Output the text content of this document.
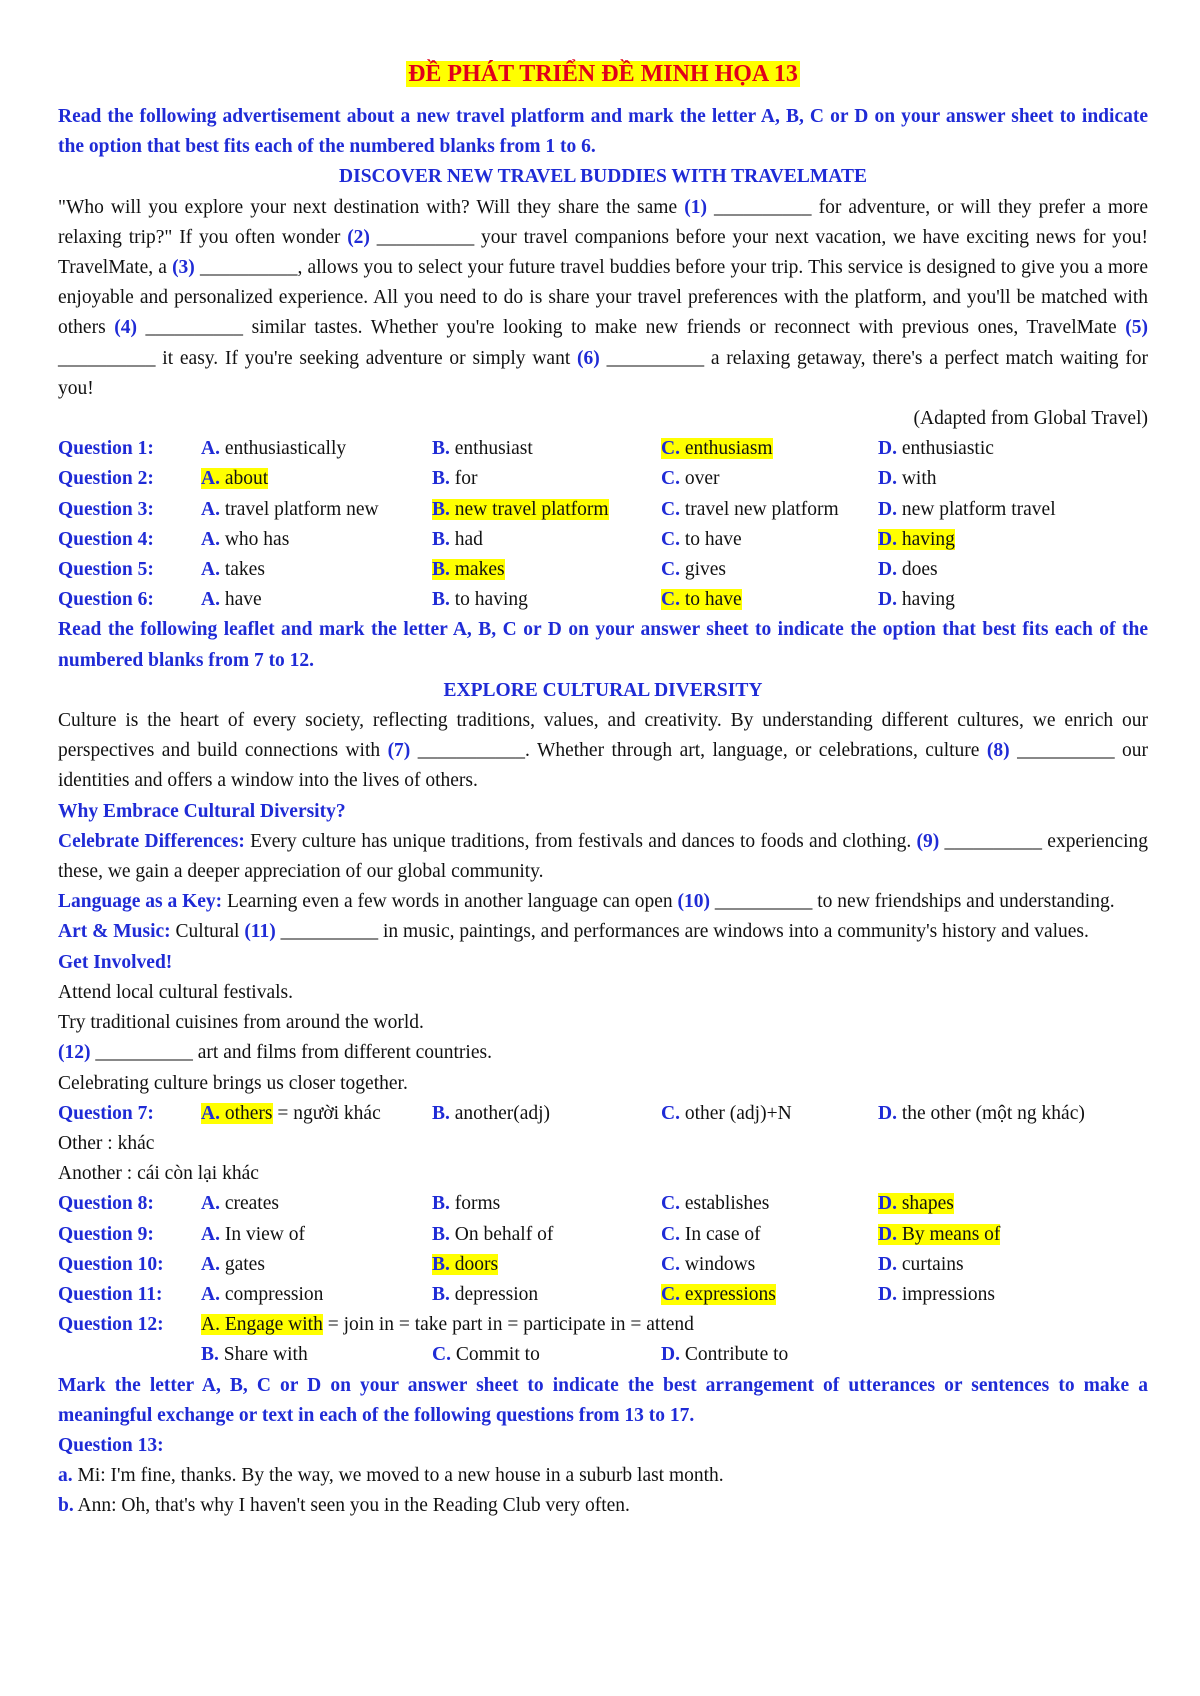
ĐỀ PHÁT TRIỂN ĐỀ MINH HỌA 13
Read the following advertisement about a new travel platform and mark the letter A, B, C or D on your answer sheet to indicate the option that best fits each of the numbered blanks from 1 to 6.
DISCOVER NEW TRAVEL BUDDIES WITH TRAVELMATE
"Who will you explore your next destination with? Will they share the same (1) __________ for adventure, or will they prefer a more relaxing trip?" If you often wonder (2) __________ your travel companions before your next vacation, we have exciting news for you! TravelMate, a (3) __________, allows you to select your future travel buddies before your trip. This service is designed to give you a more enjoyable and personalized experience. All you need to do is share your travel preferences with the platform, and you'll be matched with others (4) __________ similar tastes. Whether you're looking to make new friends or reconnect with previous ones, TravelMate (5) __________ it easy. If you're seeking adventure or simply want (6) __________ a relaxing getaway, there's a perfect match waiting for you!
(Adapted from Global Travel)
Question 1:	A. enthusiastically	B. enthusiast	C. enthusiasm	D. enthusiastic
Question 2:	A. about	B. for	C. over	D. with
Question 3:	A. travel platform new	B. new travel platform	C. travel new platform	D. new platform travel
Question 4:	A. who has	B. had	C. to have	D. having
Question 5:	A. takes	B. makes	C. gives	D. does
Question 6:	A. have	B. to having	C. to have	D. having
Read the following leaflet and mark the letter A, B, C or D on your answer sheet to indicate the option that best fits each of the numbered blanks from 7 to 12.
EXPLORE CULTURAL DIVERSITY
Culture is the heart of every society, reflecting traditions, values, and creativity. By understanding different cultures, we enrich our perspectives and build connections with (7) ___________. Whether through art, language, or celebrations, culture (8) __________ our identities and offers a window into the lives of others.
Why Embrace Cultural Diversity?
Celebrate Differences: Every culture has unique traditions, from festivals and dances to foods and clothing. (9) __________ experiencing these, we gain a deeper appreciation of our global community.
Language as a Key: Learning even a few words in another language can open (10) __________ to new friendships and understanding.
Art & Music: Cultural (11) __________ in music, paintings, and performances are windows into a community's history and values.
Get Involved!
Attend local cultural festivals.
Try traditional cuisines from around the world.
(12) __________ art and films from different countries.
Celebrating culture brings us closer together.
Question 7:	A. others = người khác	B. another(adj)	C. other (adj)+N	D. the other (một ng khác)
Other : khác
Another : cái còn lại khác
Question 8:	A. creates	B. forms	C. establishes	D. shapes
Question 9:	A. In view of	B. On behalf of	C. In case of	D. By means of
Question 10:	A. gates	B. doors	C. windows	D. curtains
Question 11:	A. compression	B. depression	C. expressions	D. impressions
Question 12:	A. Engage with = join in = take part in = participate in = attend
B. Share with	C. Commit to	D. Contribute to
Mark the letter A, B, C or D on your answer sheet to indicate the best arrangement of utterances or sentences to make a meaningful exchange or text in each of the following questions from 13 to 17.
Question 13:
a. Mi: I'm fine, thanks. By the way, we moved to a new house in a suburb last month.
b. Ann: Oh, that's why I haven't seen you in the Reading Club very often.
